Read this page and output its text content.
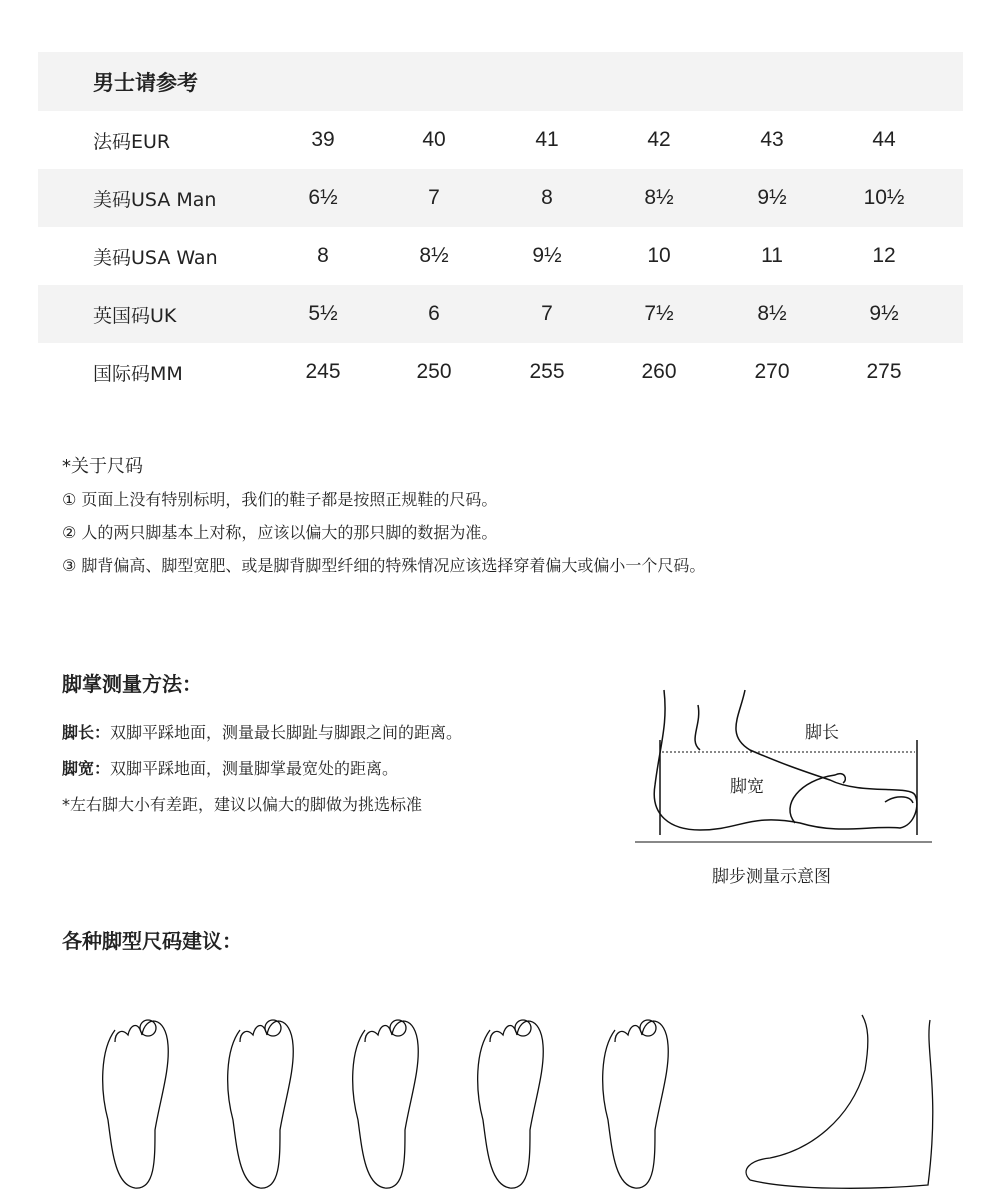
男士请参考
法码EUR	39	40	41	42	43	44
美码USA Man	6½	7	8	8½	9½	10½
美码USA Wan	8	8½	9½	10	11	12
英国码UK	5½	6	7	7½	8½	9½
国际码MM	245	250	255	260	270	275
*关于尺码
① 页面上没有特别标明，我们的鞋子都是按照正规鞋的尺码。
② 人的两只脚基本上对称，应该以偏大的那只脚的数据为准。
③ 脚背偏高、脚型宽肥、或是脚背脚型纤细的特殊情况应该选择穿着偏大或偏小一个尺码。
脚掌测量方法：
脚长：双脚平踩地面，测量最长脚趾与脚跟之间的距离。
脚宽：双脚平踩地面，测量脚掌最宽处的距离。
*左右脚大小有差距，建议以偏大的脚做为挑选标准
脚长
脚宽
脚步测量示意图
各种脚型尺码建议：
